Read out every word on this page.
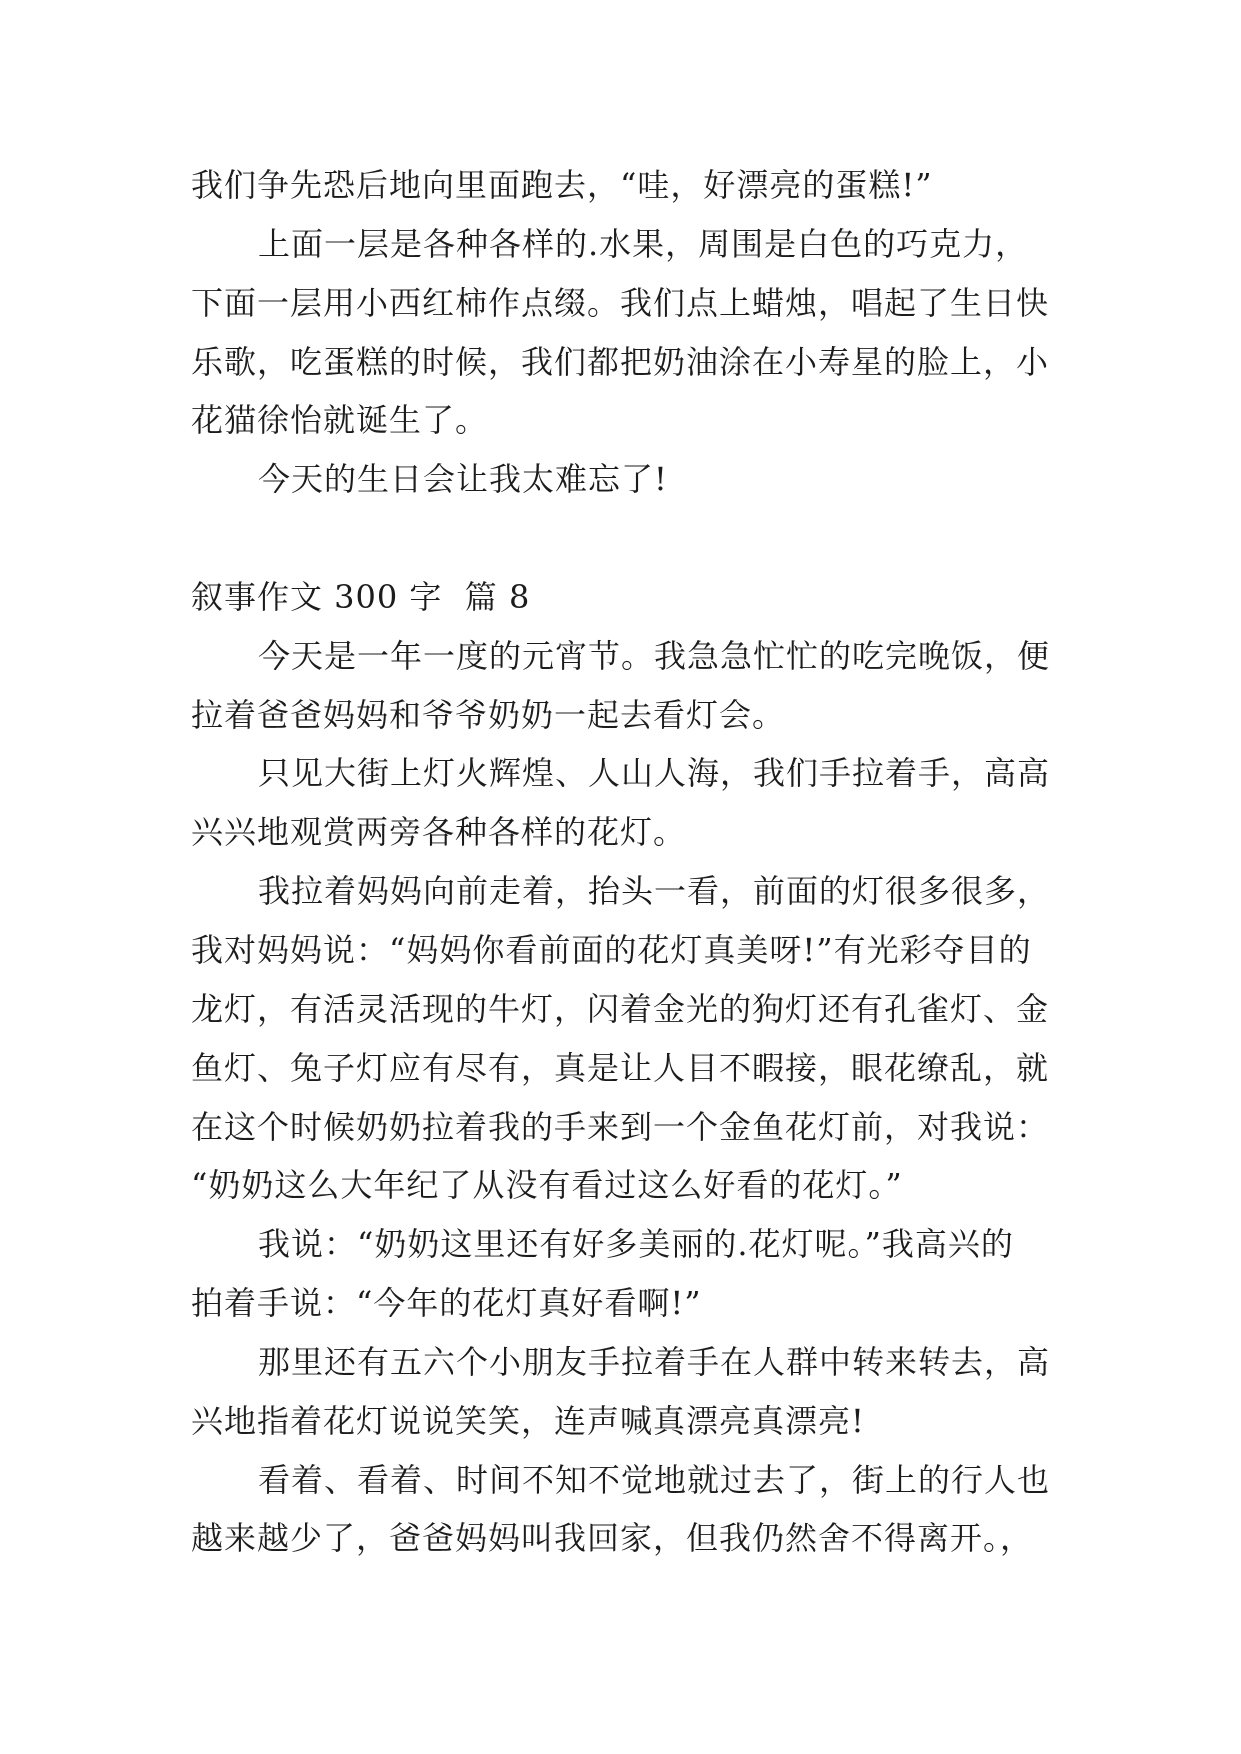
我们争先恐后地向里面跑去，“哇，好漂亮的蛋糕!”
上面一层是各种各样的.水果，周围是白色的巧克力，
下面一层用小西红柿作点缀。我们点上蜡烛，唱起了生日快
乐歌，吃蛋糕的时候，我们都把奶油涂在小寿星的脸上，小
花猫徐怡就诞生了。
今天的生日会让我太难忘了!
叙事作文 300 字  篇 8
今天是一年一度的元宵节。我急急忙忙的吃完晚饭，便
拉着爸爸妈妈和爷爷奶奶一起去看灯会。
只见大街上灯火辉煌、人山人海，我们手拉着手，高高
兴兴地观赏两旁各种各样的花灯。
我拉着妈妈向前走着，抬头一看，前面的灯很多很多，
我对妈妈说：“妈妈你看前面的花灯真美呀!”有光彩夺目的
龙灯，有活灵活现的牛灯，闪着金光的狗灯还有孔雀灯、金
鱼灯、兔子灯应有尽有，真是让人目不暇接，眼花缭乱，就
在这个时候奶奶拉着我的手来到一个金鱼花灯前，对我说：
“奶奶这么大年纪了从没有看过这么好看的花灯。”
我说：“奶奶这里还有好多美丽的.花灯呢。”我高兴的
拍着手说：“今年的花灯真好看啊!”
那里还有五六个小朋友手拉着手在人群中转来转去，高
兴地指着花灯说说笑笑，连声喊真漂亮真漂亮!
看着、看着、时间不知不觉地就过去了，街上的行人也
越来越少了，爸爸妈妈叫我回家，但我仍然舍不得离开。，
